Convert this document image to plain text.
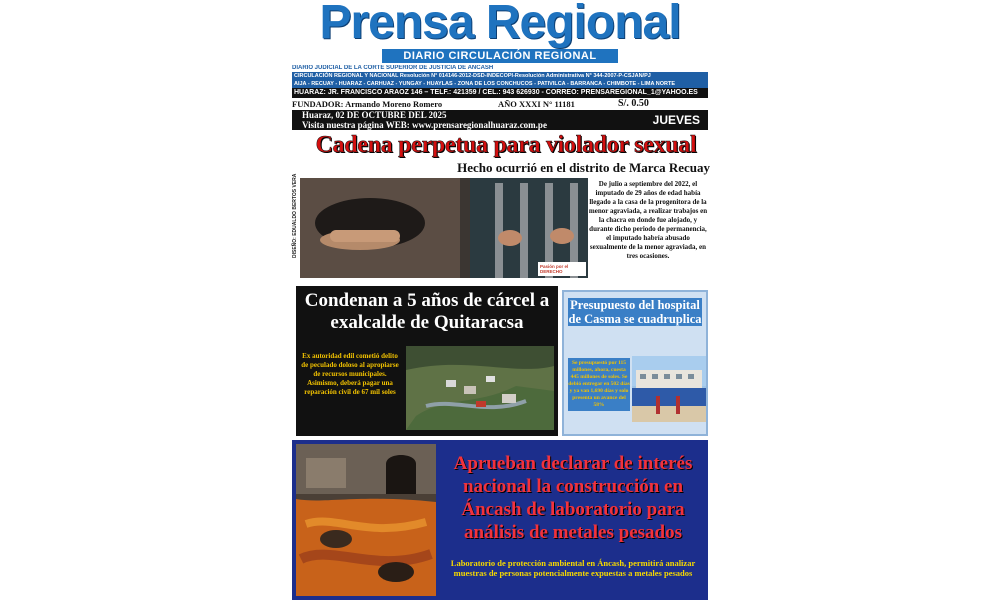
Prensa Regional
DIARIO CIRCULACIÓN REGIONAL
DIARIO JUDICIAL DE LA CORTE SUPERIOR DE JUSTICIA DE ANCASH
CIRCULACIÓN REGIONAL Y NACIONAL Resolución N° 014146-2012-DSD-INDECOPI-Resolución Administrativa N° 344-2007-P-CSJAN/PJ
AIJA - RECUAY - HUARAZ - CARHUAZ - YUNGAY - HUAYLAS - ZONA DE LOS CONCHUCOS - PATIVILCA - BARRANCA - CHIMBOTE - LIMA NORTE
HUARAZ: JR. FRANCISCO ARAOZ 146 – TELF.: 421359 / CEL.: 943 626930 - CORREO: PRENSAREGIONAL_1@YAHOO.ES
FUNDADOR: Armando Moreno Romero	AÑO XXXI N° 11181	S/. 0.50
Huaraz, 02 DE OCTUBRE DEL 2025
Visita nuestra página WEB: www.prensaregionalhuaraz.com.pe	JUEVES
DISEÑO: EDUALDO BERTOS VERA
Cadena perpetua para violador sexual
Hecho ocurrió en el distrito de Marca Recuay
Pasión por el DERECHO
De julio a septiembre del 2022, el imputado de 29 años de edad había llegado a la casa de la progenitora de la menor agraviada, a realizar trabajos en la chacra en donde fue alojado, y durante dicho periodo de permanencia, el imputado habría abusado sexualmente de la menor agraviada, en tres ocasiones.
Condenan a 5 años de cárcel a exalcalde de Quitaracsa
Ex autoridad edil cometió delito de peculado doloso al apropiarse de recursos municipales. Asimismo, deberá pagar una reparación civil de 67 mil soles
Presupuesto del hospital de Casma se cuadruplica
Se presupuestó por 115 millones, ahora, cuesta 445 millones de soles. Se debió entregar en 502 días y ya van 1,690 días y solo presenta un avance del 58%
Aprueban declarar de interés nacional la construcción en Áncash de laboratorio para análisis de metales pesados
Laboratorio de protección ambiental en Áncash, permitirá analizar muestras de personas potencialmente expuestas a metales pesados
